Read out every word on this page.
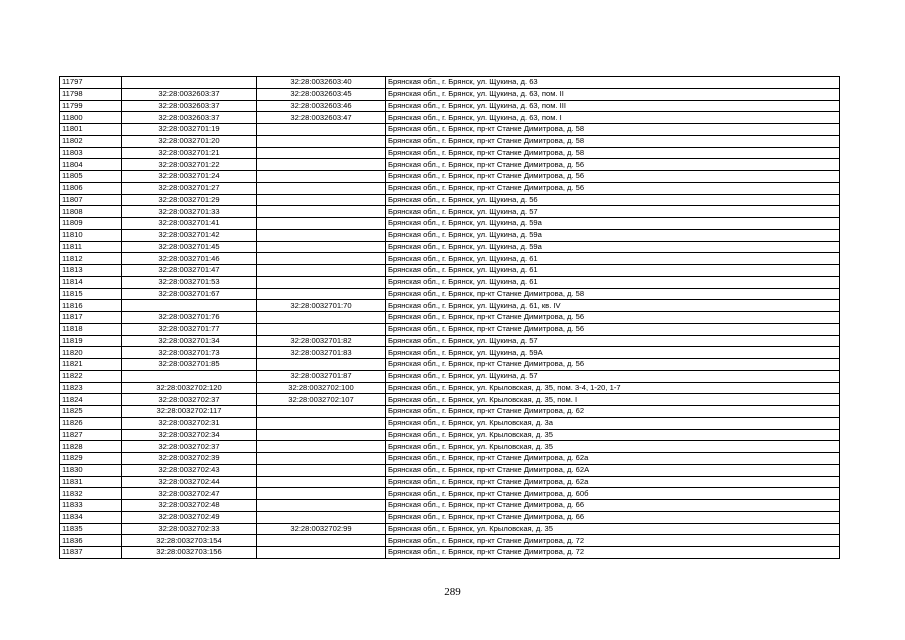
11797		32:28:0032603:40	Брянская обл., г. Брянск, ул. Щукина, д. 63
11798	32:28:0032603:37	32:28:0032603:45	Брянская обл., г. Брянск, ул. Щукина, д. 63, пом. II
11799	32:28:0032603:37	32:28:0032603:46	Брянская обл., г. Брянск, ул. Щукина, д. 63, пом. III
11800	32:28:0032603:37	32:28:0032603:47	Брянская обл., г. Брянск, ул. Щукина, д. 63, пом. I
11801	32:28:0032701:19		Брянская обл., г. Брянск, пр-кт Станке Димитрова, д. 58
11802	32:28:0032701:20		Брянская обл., г. Брянск, пр-кт Станке Димитрова, д. 58
11803	32:28:0032701:21		Брянская обл., г. Брянск, пр-кт Станке Димитрова, д. 58
11804	32:28:0032701:22		Брянская обл., г. Брянск, пр-кт Станке Димитрова, д. 56
11805	32:28:0032701:24		Брянская обл., г. Брянск, пр-кт Станке Димитрова, д. 56
11806	32:28:0032701:27		Брянская обл., г. Брянск, пр-кт Станке Димитрова, д. 56
11807	32:28:0032701:29		Брянская обл., г. Брянск, ул. Щукина, д. 56
11808	32:28:0032701:33		Брянская обл., г. Брянск, ул. Щукина, д. 57
11809	32:28:0032701:41		Брянская обл., г. Брянск, ул. Щукина, д. 59а
11810	32:28:0032701:42		Брянская обл., г. Брянск, ул. Щукина, д. 59а
11811	32:28:0032701:45		Брянская обл., г. Брянск, ул. Щукина, д. 59а
11812	32:28:0032701:46		Брянская обл., г. Брянск, ул. Щукина, д. 61
11813	32:28:0032701:47		Брянская обл., г. Брянск, ул. Щукина, д. 61
11814	32:28:0032701:53		Брянская обл., г. Брянск, ул. Щукина, д. 61
11815	32:28:0032701:67		Брянская обл., г. Брянск, пр-кт Станке Димитрова, д. 58
11816		32:28:0032701:70	Брянская обл., г. Брянск, ул. Щукина, д. 61, кв. IV
11817	32:28:0032701:76		Брянская обл., г. Брянск, пр-кт Станке Димитрова, д. 56
11818	32:28:0032701:77		Брянская обл., г. Брянск, пр-кт Станке Димитрова, д. 56
11819	32:28:0032701:34	32:28:0032701:82	Брянская обл., г. Брянск, ул. Щукина, д. 57
11820	32:28:0032701:73	32:28:0032701:83	Брянская обл., г. Брянск, ул. Щукина, д. 59А
11821	32:28:0032701:85		Брянская обл., г. Брянск, пр-кт Станке Димитрова, д. 56
11822		32:28:0032701:87	Брянская обл., г. Брянск, ул. Щукина, д. 57
11823	32:28:0032702:120	32:28:0032702:100	Брянская обл., г. Брянск, ул. Крыловская, д. 35, пом. 3-4, 1-20, 1-7
11824	32:28:0032702:37	32:28:0032702:107	Брянская обл., г. Брянск, ул. Крыловская, д. 35, пом. I
11825	32:28:0032702:117		Брянская обл., г. Брянск, пр-кт Станке Димитрова, д. 62
11826	32:28:0032702:31		Брянская обл., г. Брянск, ул. Крыловская, д. 3а
11827	32:28:0032702:34		Брянская обл., г. Брянск, ул. Крыловская, д. 35
11828	32:28:0032702:37		Брянская обл., г. Брянск, ул. Крыловская, д. 35
11829	32:28:0032702:39		Брянская обл., г. Брянск, пр-кт Станке Димитрова, д. 62а
11830	32:28:0032702:43		Брянская обл., г. Брянск, пр-кт Станке Димитрова, д. 62А
11831	32:28:0032702:44		Брянская обл., г. Брянск, пр-кт Станке Димитрова, д. 62а
11832	32:28:0032702:47		Брянская обл., г. Брянск, пр-кт Станке Димитрова, д. 60б
11833	32:28:0032702:48		Брянская обл., г. Брянск, пр-кт Станке Димитрова, д. 66
11834	32:28:0032702:49		Брянская обл., г. Брянск, пр-кт Станке Димитрова, д. 66
11835	32:28:0032702:33	32:28:0032702:99	Брянская обл., г. Брянск, ул. Крыловская, д. 35
11836	32:28:0032703:154		Брянская обл., г. Брянск, пр-кт Станке Димитрова, д. 72
11837	32:28:0032703:156		Брянская обл., г. Брянск, пр-кт Станке Димитрова, д. 72
289
